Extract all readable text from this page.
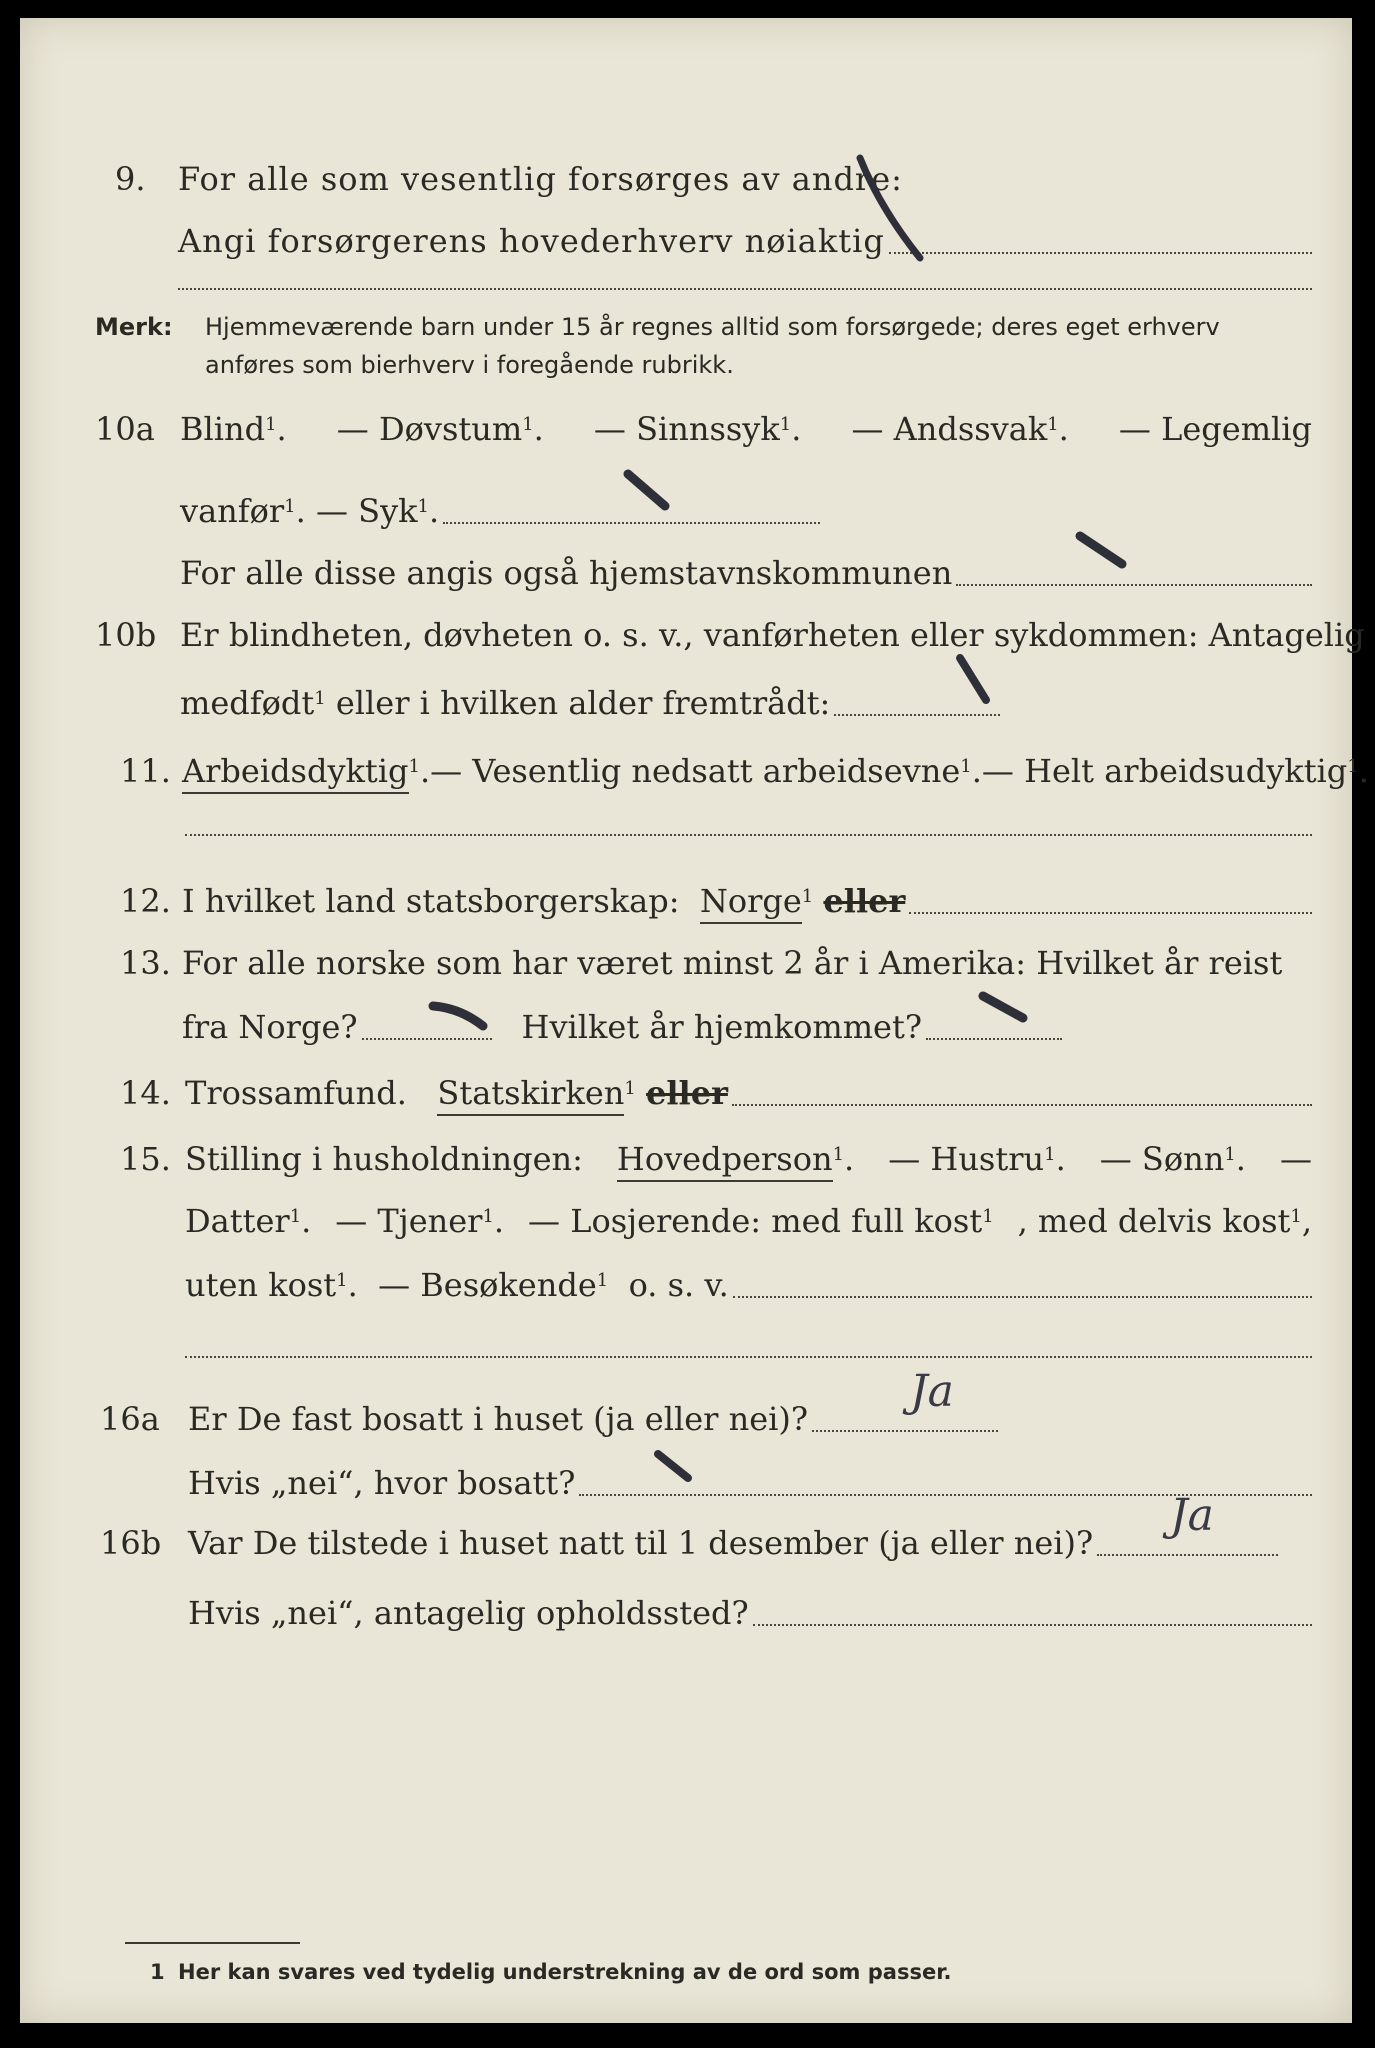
9. For alle som vesentlig forsørges av andre:
Angi forsørgerens hovederhverv nøiaktig
Merk: Hjemmeværende barn under 15 år regnes alltid som forsørgede; deres eget erhverv
anføres som bierhverv i foregående rubrikk.
10a Blind$^1$. — Døvstum$^1$. — Sinnssyk$^1$. — Andssvak$^1$. — Legemlig
vanfør$^1$. — Syk$^1$.
For alle disse angis også hjemstavnskommunen
10b Er blindheten, døvheten o. s. v., vanførheten eller sykdommen: Antagelig
medfødt$^1$ eller i hvilken alder fremtrådt:
11. Arbeidsdyktig$^1$. — Vesentlig nedsatt arbeidsevne$^1$. — Helt arbeidsudyktig$^1$.
12. I hvilket land statsborgerskap:
Norge$^1$ eller
13. For alle norske som har været minst 2 år i Amerika: Hvilket år reist
fra Norge?	Hvilket år hjemkommet?
14. Trossamfund.
Statskirken$^1$ eller
15. Stilling i husholdningen: Hovedperson$^1$. — Hustru$^1$. — Sønn$^1$. —
Datter$^1$. — Tjener$^1$. — Losjerende: med full kost$^1$ , med delvis kost$^1$,
uten kost$^1$. — Besøkende$^1$ o. s. v.
16a Er De fast bosatt i huset (ja eller nei)?
Ja
Hvis „nei“, hvor bosatt?
16b Var De tilstede i huset natt til 1 desember (ja eller nei)?
Ja
Hvis „nei“, antagelig opholdssted?
1 Her kan svares ved tydelig understrekning av de ord som passer.
